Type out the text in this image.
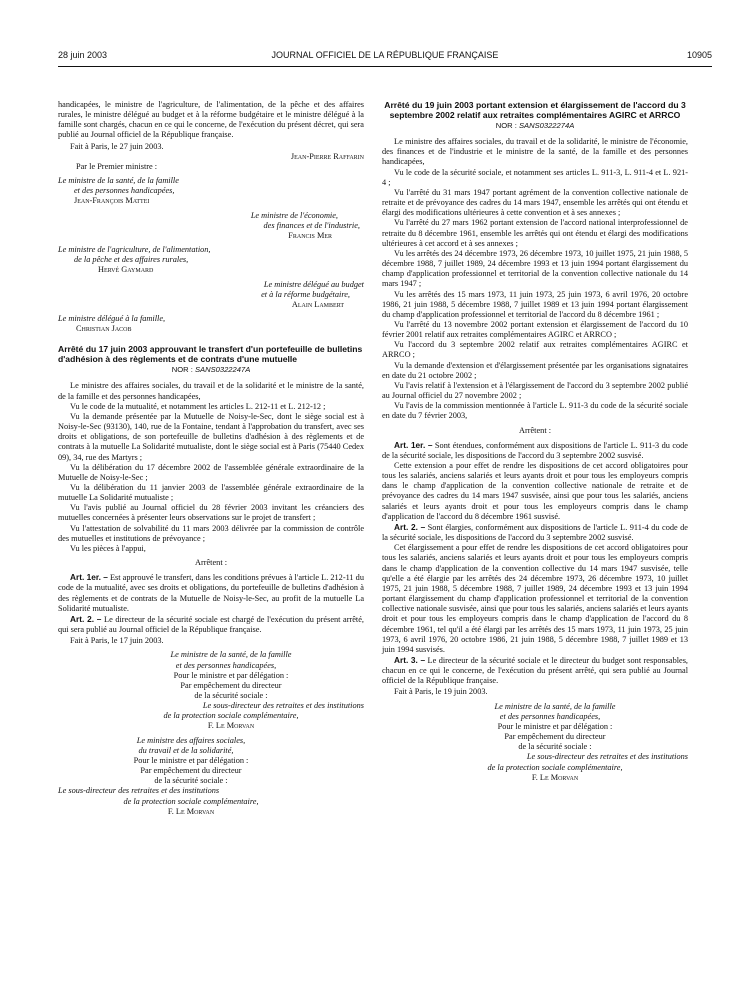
28 juin 2003	JOURNAL OFFICIEL DE LA RÉPUBLIQUE FRANÇAISE	10905

handicapées, le ministre de l'agriculture, de l'alimentation, de la pêche et des affaires rurales, le ministre délégué au budget et à la réforme budgétaire et le ministre délégué à la famille sont chargés, chacun en ce qui le concerne, de l'exécution du présent décret, qui sera publié au Journal officiel de la République française.

Fait à Paris, le 27 juin 2003.

Jean-Pierre Raffarin

Par le Premier ministre :

Le ministre de la santé, de la famille

et des personnes handicapées,

Jean-François Mattei

Le ministre de l'économie,

des finances et de l'industrie,

Francis Mer

Le ministre de l'agriculture, de l'alimentation,

de la pêche et des affaires rurales,

Hervé Gaymard

Le ministre délégué au budget

et à la réforme budgétaire,

Alain Lambert

Le ministre délégué à la famille,

Christian Jacob

Arrêté du 17 juin 2003 approuvant le transfert d'un portefeuille de bulletins d'adhésion à des règlements et de contrats d'une mutuelle
NOR : SANS0322247A

Le ministre des affaires sociales, du travail et de la solidarité et le ministre de la santé, de la famille et des personnes handicapées,

Vu le code de la mutualité, et notamment les articles L. 212-11 et L. 212-12 ;

Vu la demande présentée par la Mutuelle de Noisy-le-Sec, dont le siège social est à Noisy-le-Sec (93130), 140, rue de la Fontaine, tendant à l'approbation du transfert, avec ses droits et obligations, de son portefeuille de bulletins d'adhésion à des règlements et de contrats à la mutuelle La Solidarité mutualiste, dont le siège social est à Paris (75440 Cedex 09), 34, rue des Martyrs ;

Vu la délibération du 17 décembre 2002 de l'assemblée générale extraordinaire de la Mutuelle de Noisy-le-Sec ;

Vu la délibération du 11 janvier 2003 de l'assemblée générale extraordinaire de la mutuelle La Solidarité mutualiste ;

Vu l'avis publié au Journal officiel du 28 février 2003 invitant les créanciers des mutuelles concernées à présenter leurs observations sur le projet de transfert ;

Vu l'attestation de solvabilité du 11 mars 2003 délivrée par la commission de contrôle des mutuelles et institutions de prévoyance ;

Vu les pièces à l'appui,

Arrêtent :

Art. 1er. – Est approuvé le transfert, dans les conditions prévues à l'article L. 212-11 du code de la mutualité, avec ses droits et obligations, du portefeuille de bulletins d'adhésion à des règlements et de contrats de la Mutuelle de Noisy-le-Sec, au profit de la mutuelle La Solidarité mutualiste.

Art. 2. – Le directeur de la sécurité sociale est chargé de l'exécution du présent arrêté, qui sera publié au Journal officiel de la République française.

Fait à Paris, le 17 juin 2003.

Le ministre de la santé, de la famille

et des personnes handicapées,

Pour le ministre et par délégation :

Par empêchement du directeur

de la sécurité sociale :

Le sous-directeur des retraites et des institutions

de la protection sociale complémentaire,

F. Le Morvan

Le ministre des affaires sociales,

du travail et de la solidarité,

Pour le ministre et par délégation :

Par empêchement du directeur

de la sécurité sociale :

Le sous-directeur des retraites et des institutions

de la protection sociale complémentaire,

F. Le Morvan

Arrêté du 19 juin 2003 portant extension et élargissement de l'accord du 3 septembre 2002 relatif aux retraites complémentaires AGIRC et ARRCO
NOR : SANS0322274A

Le ministre des affaires sociales, du travail et de la solidarité, le ministre de l'économie, des finances et de l'industrie et le ministre de la santé, de la famille et des personnes handicapées,

Vu le code de la sécurité sociale, et notamment ses articles L. 911-3, L. 911-4 et L. 921-4 ;

Vu l'arrêté du 31 mars 1947 portant agrément de la convention collective nationale de retraite et de prévoyance des cadres du 14 mars 1947, ensemble les arrêtés qui ont étendu et élargi des modifications ultérieures à cette convention et à ses annexes ;

Vu l'arrêté du 27 mars 1962 portant extension de l'accord national interprofessionnel de retraite du 8 décembre 1961, ensemble les arrêtés qui ont étendu et élargi des modifications ultérieures à cet accord et à ses annexes ;

Vu les arrêtés des 24 décembre 1973, 26 décembre 1973, 10 juillet 1975, 21 juin 1988, 5 décembre 1988, 7 juillet 1989, 24 décembre 1993 et 13 juin 1994 portant élargissement du champ d'application professionnel et territorial de la convention collective nationale du 14 mars 1947 ;

Vu les arrêtés des 15 mars 1973, 11 juin 1973, 25 juin 1973, 6 avril 1976, 20 octobre 1986, 21 juin 1988, 5 décembre 1988, 7 juillet 1989 et 13 juin 1994 portant élargissement du champ d'application professionnel et territorial de l'accord du 8 décembre 1961 ;

Vu l'arrêté du 13 novembre 2002 portant extension et élargissement de l'accord du 10 février 2001 relatif aux retraites complémentaires AGIRC et ARRCO ;

Vu l'accord du 3 septembre 2002 relatif aux retraites complémentaires AGIRC et ARRCO ;

Vu la demande d'extension et d'élargissement présentée par les organisations signataires en date du 21 octobre 2002 ;

Vu l'avis relatif à l'extension et à l'élargissement de l'accord du 3 septembre 2002 publié au Journal officiel du 27 novembre 2002 ;

Vu l'avis de la commission mentionnée à l'article L. 911-3 du code de la sécurité sociale en date du 7 février 2003,

Arrêtent :

Art. 1er. – Sont étendues, conformément aux dispositions de l'article L. 911-3 du code de la sécurité sociale, les dispositions de l'accord du 3 septembre 2002 susvisé.

Cette extension a pour effet de rendre les dispositions de cet accord obligatoires pour tous les salariés, anciens salariés et leurs ayants droit et pour tous les employeurs compris dans le champ d'application de la convention collective nationale de retraite et de prévoyance des cadres du 14 mars 1947 susvisée, ainsi que pour tous les salariés, anciens salariés et leurs ayants droit et pour tous les employeurs compris dans le champ d'application de l'accord du 8 décembre 1961 susvisé.

Art. 2. – Sont élargies, conformément aux dispositions de l'article L. 911-4 du code de la sécurité sociale, les dispositions de l'accord du 3 septembre 2002 susvisé.

Cet élargissement a pour effet de rendre les dispositions de cet accord obligatoires pour tous les salariés, anciens salariés et leurs ayants droit et pour tous les employeurs compris dans le champ d'application de la convention collective du 14 mars 1947 susvisée, telle qu'elle a été élargie par les arrêtés des 24 décembre 1973, 26 décembre 1973, 10 juillet 1975, 21 juin 1988, 5 décembre 1988, 7 juillet 1989, 24 décembre 1993 et 13 juin 1994 portant élargissement du champ d'application professionnel et territorial de la convention collective nationale susvisée, ainsi que pour tous les salariés, anciens salariés et leurs ayants droit et pour tous les employeurs compris dans le champ d'application de l'accord du 8 décembre 1961, tel qu'il a été élargi par les arrêtés des 15 mars 1973, 11 juin 1973, 25 juin 1973, 6 avril 1976, 20 octobre 1986, 21 juin 1988, 5 décembre 1988, 7 juillet 1989 et 13 juin 1994 susvisés.

Art. 3. – Le directeur de la sécurité sociale et le directeur du budget sont responsables, chacun en ce qui le concerne, de l'exécution du présent arrêté, qui sera publié au Journal officiel de la République française.

Fait à Paris, le 19 juin 2003.

Le ministre de la santé, de la famille

et des personnes handicapées,

Pour le ministre et par délégation :

Par empêchement du directeur

de la sécurité sociale :

Le sous-directeur des retraites et des institutions

de la protection sociale complémentaire,

F. Le Morvan
